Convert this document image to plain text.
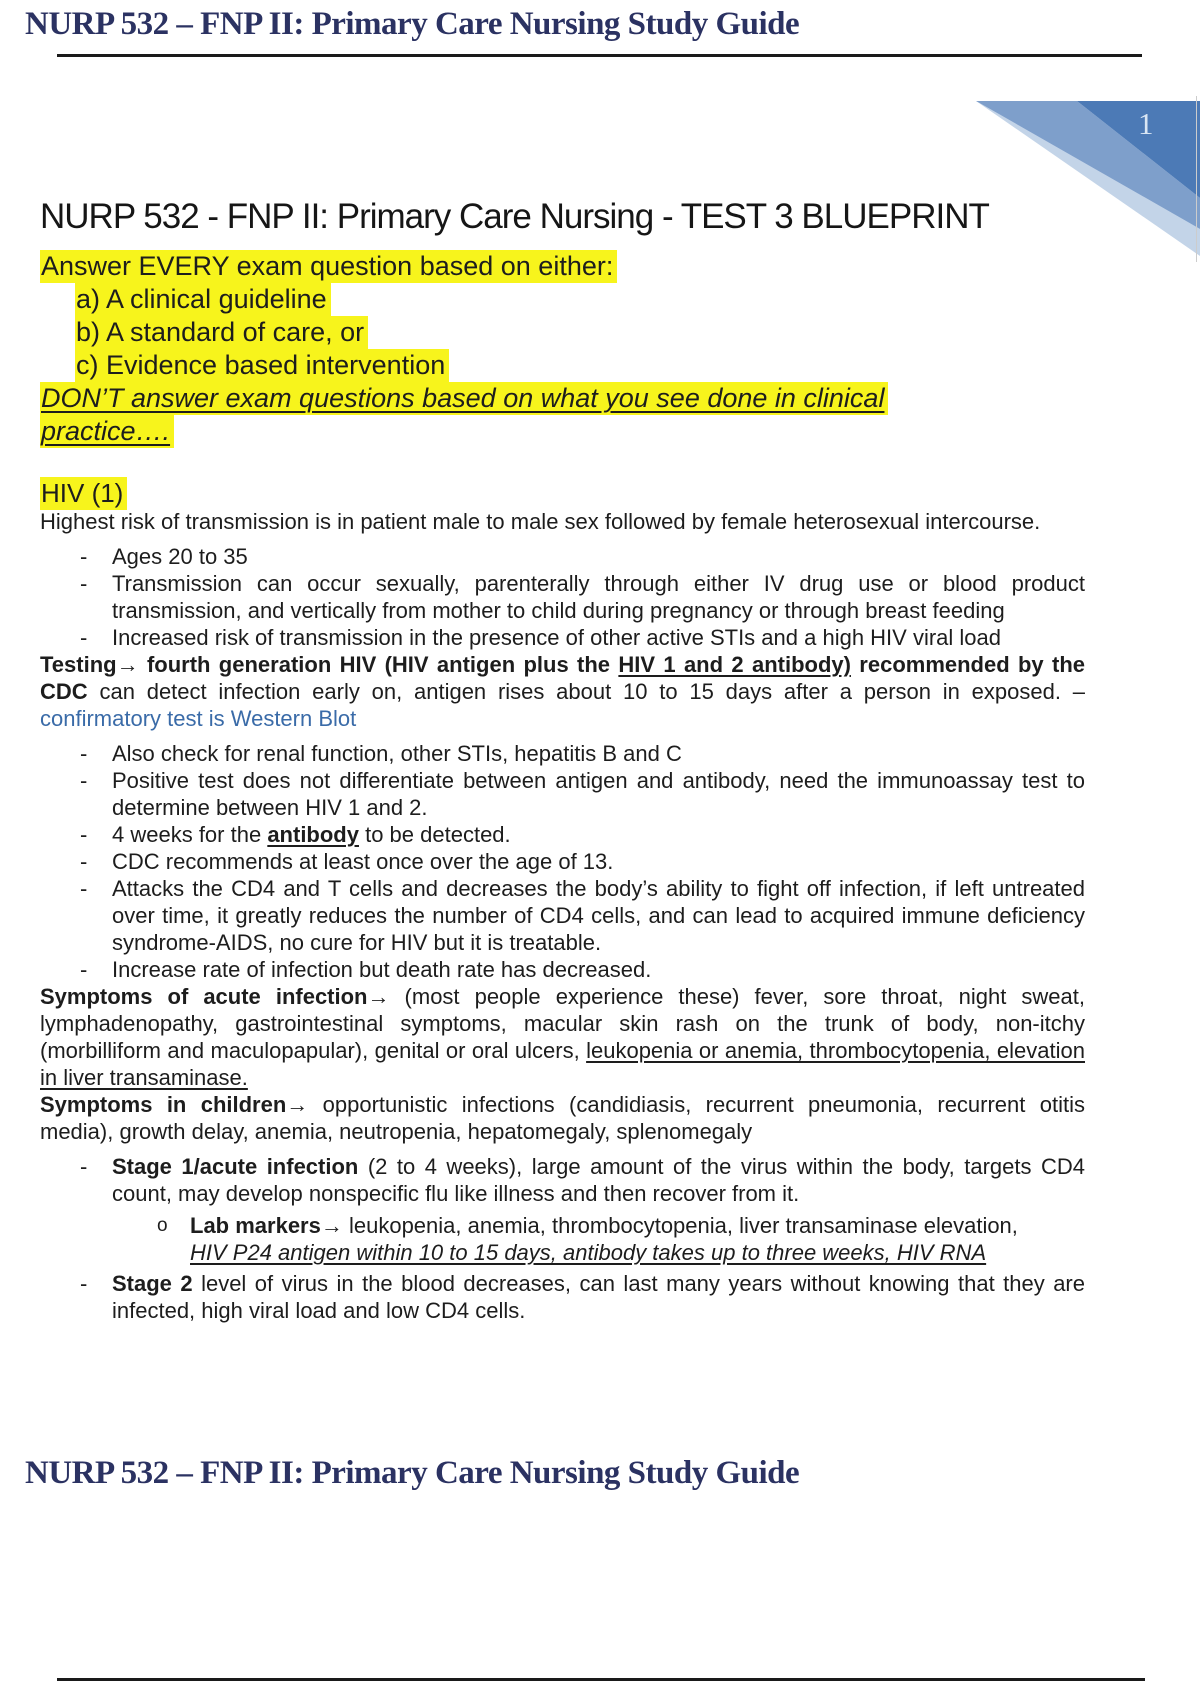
NURP 532 – FNP II: Primary Care Nursing Study Guide
1
NURP 532 - FNP II: Primary Care Nursing - TEST 3 BLUEPRINT
Answer EVERY exam question based on either:
a) A clinical guideline
b) A standard of care, or
c) Evidence based intervention
DON’T answer exam questions based on what you see done in clinical
practice….
HIV (1)

Highest risk of transmission is in patient male to male sex followed by female heterosexual intercourse.

-	Ages 20 to 35
-	Transmission can occur sexually, parenterally through either IV drug use or blood product transmission, and vertically from mother to child during pregnancy or through breast feeding
-	Increased risk of transmission in the presence of other active STIs and a high HIV viral load

Testing→ fourth generation HIV (HIV antigen plus the HIV 1 and 2 antibody) recommended by the CDC can detect infection early on, antigen rises about 10 to 15 days after a person in exposed. – confirmatory test is Western Blot

-	Also check for renal function, other STIs, hepatitis B and C
-	Positive test does not differentiate between antigen and antibody, need the immunoassay test to determine between HIV 1 and 2.
-	4 weeks for the antibody to be detected.
-	CDC recommends at least once over the age of 13.
-	Attacks the CD4 and T cells and decreases the body’s ability to fight off infection, if left untreated over time, it greatly reduces the number of CD4 cells, and can lead to acquired immune deficiency syndrome-AIDS, no cure for HIV but it is treatable.
-	Increase rate of infection but death rate has decreased.

Symptoms of acute infection→ (most people experience these) fever, sore throat, night sweat, lymphadenopathy, gastrointestinal symptoms, macular skin rash on the trunk of body, non-itchy (morbilliform and maculopapular), genital or oral ulcers, leukopenia or anemia, thrombocytopenia, elevation in liver transaminase.

Symptoms in children→ opportunistic infections (candidiasis, recurrent pneumonia, recurrent otitis media), growth delay, anemia, neutropenia, hepatomegaly, splenomegaly

-	Stage 1/acute infection (2 to 4 weeks), large amount of the virus within the body, targets CD4 count, may develop nonspecific flu like illness and then recover from it.
o	Lab markers→ leukopenia, anemia, thrombocytopenia, liver transaminase elevation, HIV P24 antigen within 10 to 15 days, antibody takes up to three weeks, HIV RNA
-	Stage 2 level of virus in the blood decreases, can last many years without knowing that they are infected, high viral load and low CD4 cells.
NURP 532 – FNP II: Primary Care Nursing Study Guide
